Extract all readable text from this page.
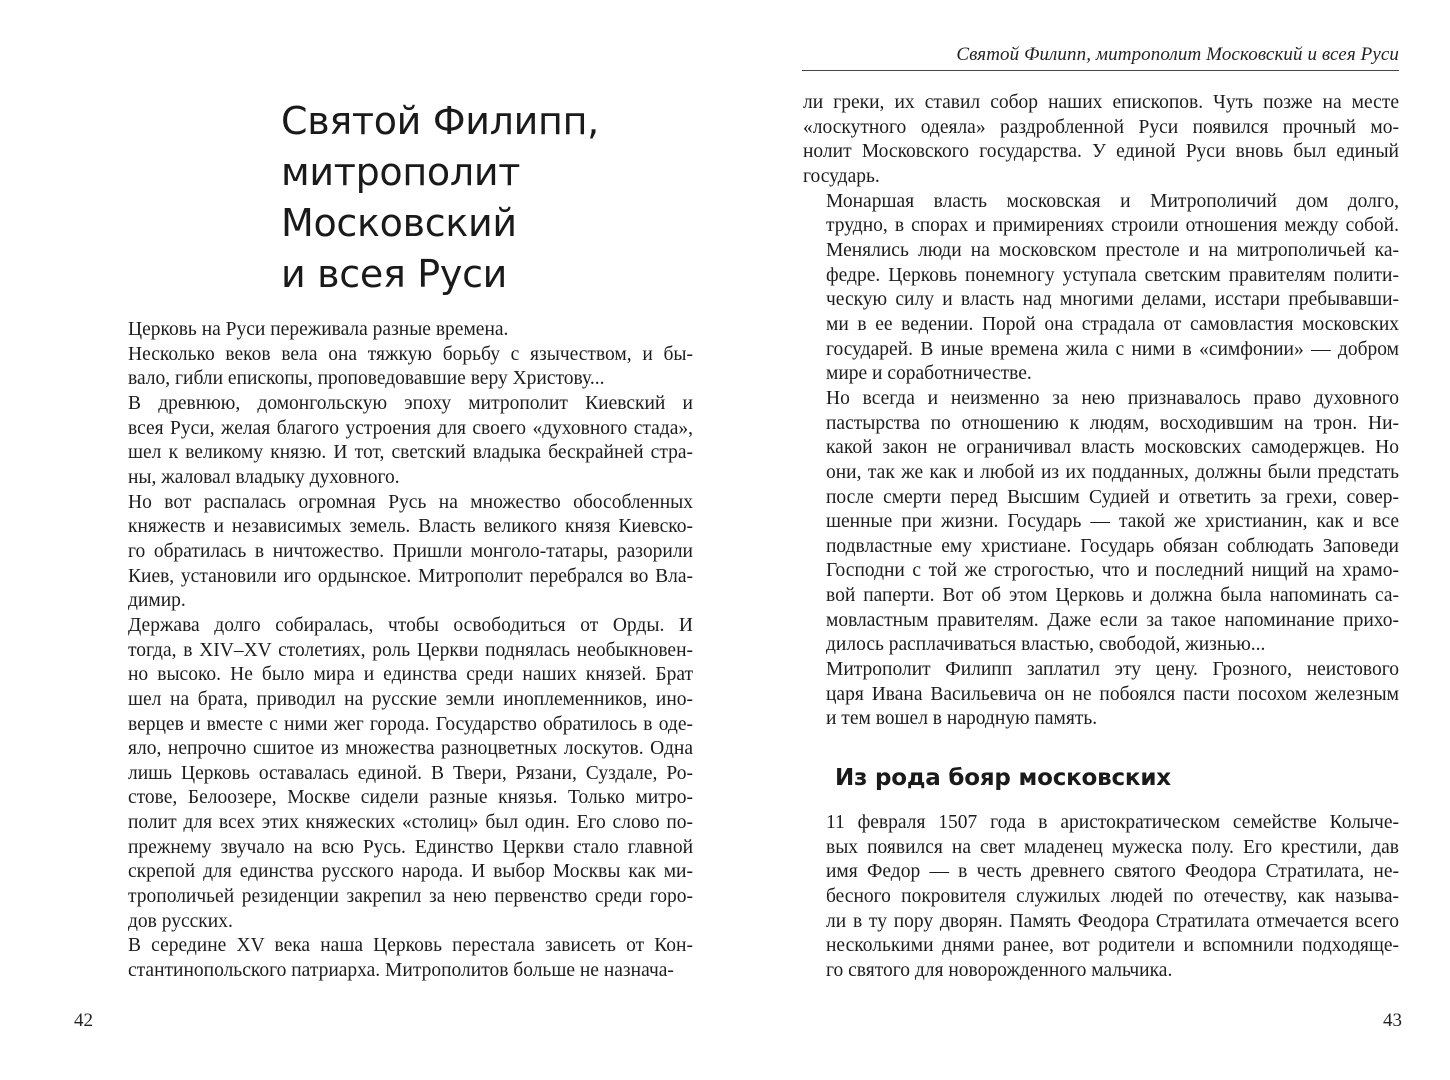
Святой Филипп,
митрополит
Московский
и всея Руси

Церковь на Руси переживала разные времена.

Несколько веков вела она тяжкую борьбу с язычеством, и бы-
вало, гибли епископы, проповедовавшие веру Христову...

В древнюю, домонгольскую эпоху митрополит Киевский и
всея Руси, желая благого устроения для своего «духовного стада»,
шел к великому князю. И тот, светский владыка бескрайней стра-
ны, жаловал владыку духовного.

Но вот распалась огромная Русь на множество обособленных
княжеств и независимых земель. Власть великого князя Киевско-
го обратилась в ничтожество. Пришли монголо-татары, разорили
Киев, установили иго ордынское. Митрополит перебрался во Вла-
димир.

Держава долго собиралась, чтобы освободиться от Орды. И
тогда, в XIV–XV столетиях, роль Церкви поднялась необыкновен-
но высоко. Не было мира и единства среди наших князей. Брат
шел на брата, приводил на русские земли иноплеменников, ино-
верцев и вместе с ними жег города. Государство обратилось в оде-
яло, непрочно сшитое из множества разноцветных лоскутов. Одна
лишь Церковь оставалась единой. В Твери, Рязани, Суздале, Ро-
стове, Белоозере, Москве сидели разные князья. Только митро-
полит для всех этих княжеских «столиц» был один. Его слово по-
прежнему звучало на всю Русь. Единство Церкви стало главной
скрепой для единства русского народа. И выбор Москвы как ми-
трополичьей резиденции закрепил за нею первенство среди горо-
дов русских.

В середине XV века наша Церковь перестала зависеть от Кон-
стантинопольского патриарха. Митрополитов больше не назнача-

42
Святой Филипп, митрополит Московский и всея Руси

ли греки, их ставил собор наших епископов. Чуть позже на месте
«лоскутного одеяла» раздробленной Руси появился прочный мо-
нолит Московского государства. У единой Руси вновь был единый
государь.

Монаршая власть московская и Митрополичий дом долго,
трудно, в спорах и примирениях строили отношения между собой.
Менялись люди на московском престоле и на митрополичьей ка-
федре. Церковь понемногу уступала светским правителям полити-
ческую силу и власть над многими делами, исстари пребывавши-
ми в ее ведении. Порой она страдала от самовластия московских
государей. В иные времена жила с ними в «симфонии» — добром
мире и соработничестве.

Но всегда и неизменно за нею признавалось право духовного
пастырства по отношению к людям, восходившим на трон. Ни-
какой закон не ограничивал власть московских самодержцев. Но
они, так же как и любой из их подданных, должны были предстать
после смерти перед Высшим Судией и ответить за грехи, совер-
шенные при жизни. Государь — такой же христианин, как и все
подвластные ему христиане. Государь обязан соблюдать Заповеди
Господни с той же строгостью, что и последний нищий на храмо-
вой паперти. Вот об этом Церковь и должна была напоминать са-
мовластным правителям. Даже если за такое напоминание прихо-
дилось расплачиваться властью, свободой, жизнью...

Митрополит Филипп заплатил эту цену. Грозного, неистового
царя Ивана Васильевича он не побоялся пасти посохом железным
и тем вошел в народную память.

Из рода бояр московских

11 февраля 1507 года в аристократическом семействе Колыче-
вых появился на свет младенец мужеска полу. Его крестили, дав
имя Федор — в честь древнего святого Феодора Стратилата, не-
бесного покровителя служилых людей по отечеству, как называ-
ли в ту пору дворян. Память Феодора Стратилата отмечается всего
несколькими днями ранее, вот родители и вспомнили подходяще-
го святого для новорожденного мальчика.

43
